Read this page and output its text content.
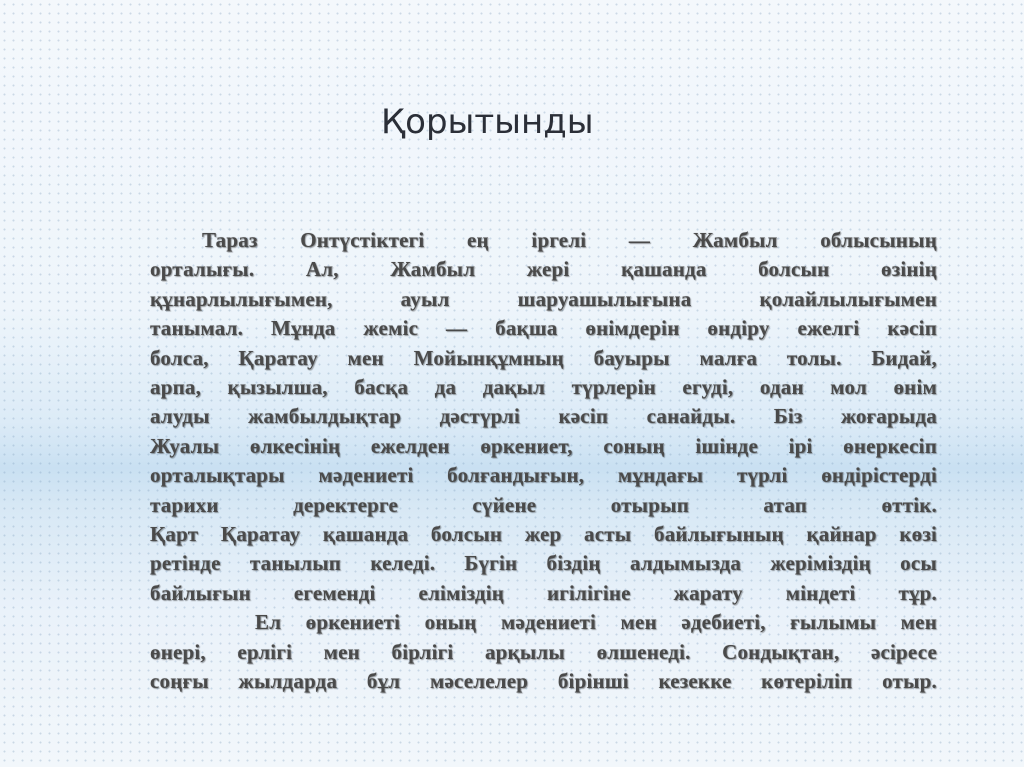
Қорытынды
Тараз Онтүстіктегі ең іргелі — Жамбыл облысының
орталығы. Ал, Жамбыл жері қашанда болсын өзінің
құнарлылығымен, ауыл шаруашылығына қолайлылығымен
танымал. Мұнда жеміс — бақша өнімдерін өндіру ежелгі кәсіп
болса, Қаратау мен Мойынқұмның бауыры малға толы. Бидай,
арпа, қызылша, басқа да дақыл түрлерін егуді, одан мол өнім
алуды жамбылдықтар дәстүрлі кәсіп санайды. Біз жоғарыда
Жуалы өлкесінің ежелден өркениет, соның ішінде ірі өнеркесіп
орталықтары мәдениеті болғандығын, мұндағы түрлі өндірістерді
тарихи деректерге сүйене отырып атап өттік.
Қарт Қаратау қашанда болсын жер асты байлығының қайнар көзі
ретінде танылып келеді. Бүгін біздің алдымызда жеріміздің осы
байлығын егеменді еліміздің игілігіне жарату міндеті тұр.
Ел өркениеті оның мәдениеті мен әдебиеті, ғылымы мен
өнері, ерлігі мен бірлігі арқылы өлшенеді. Сондықтан, әсіресе
соңғы жылдарда бұл мәселелер бірінші кезекке көтеріліп отыр.
